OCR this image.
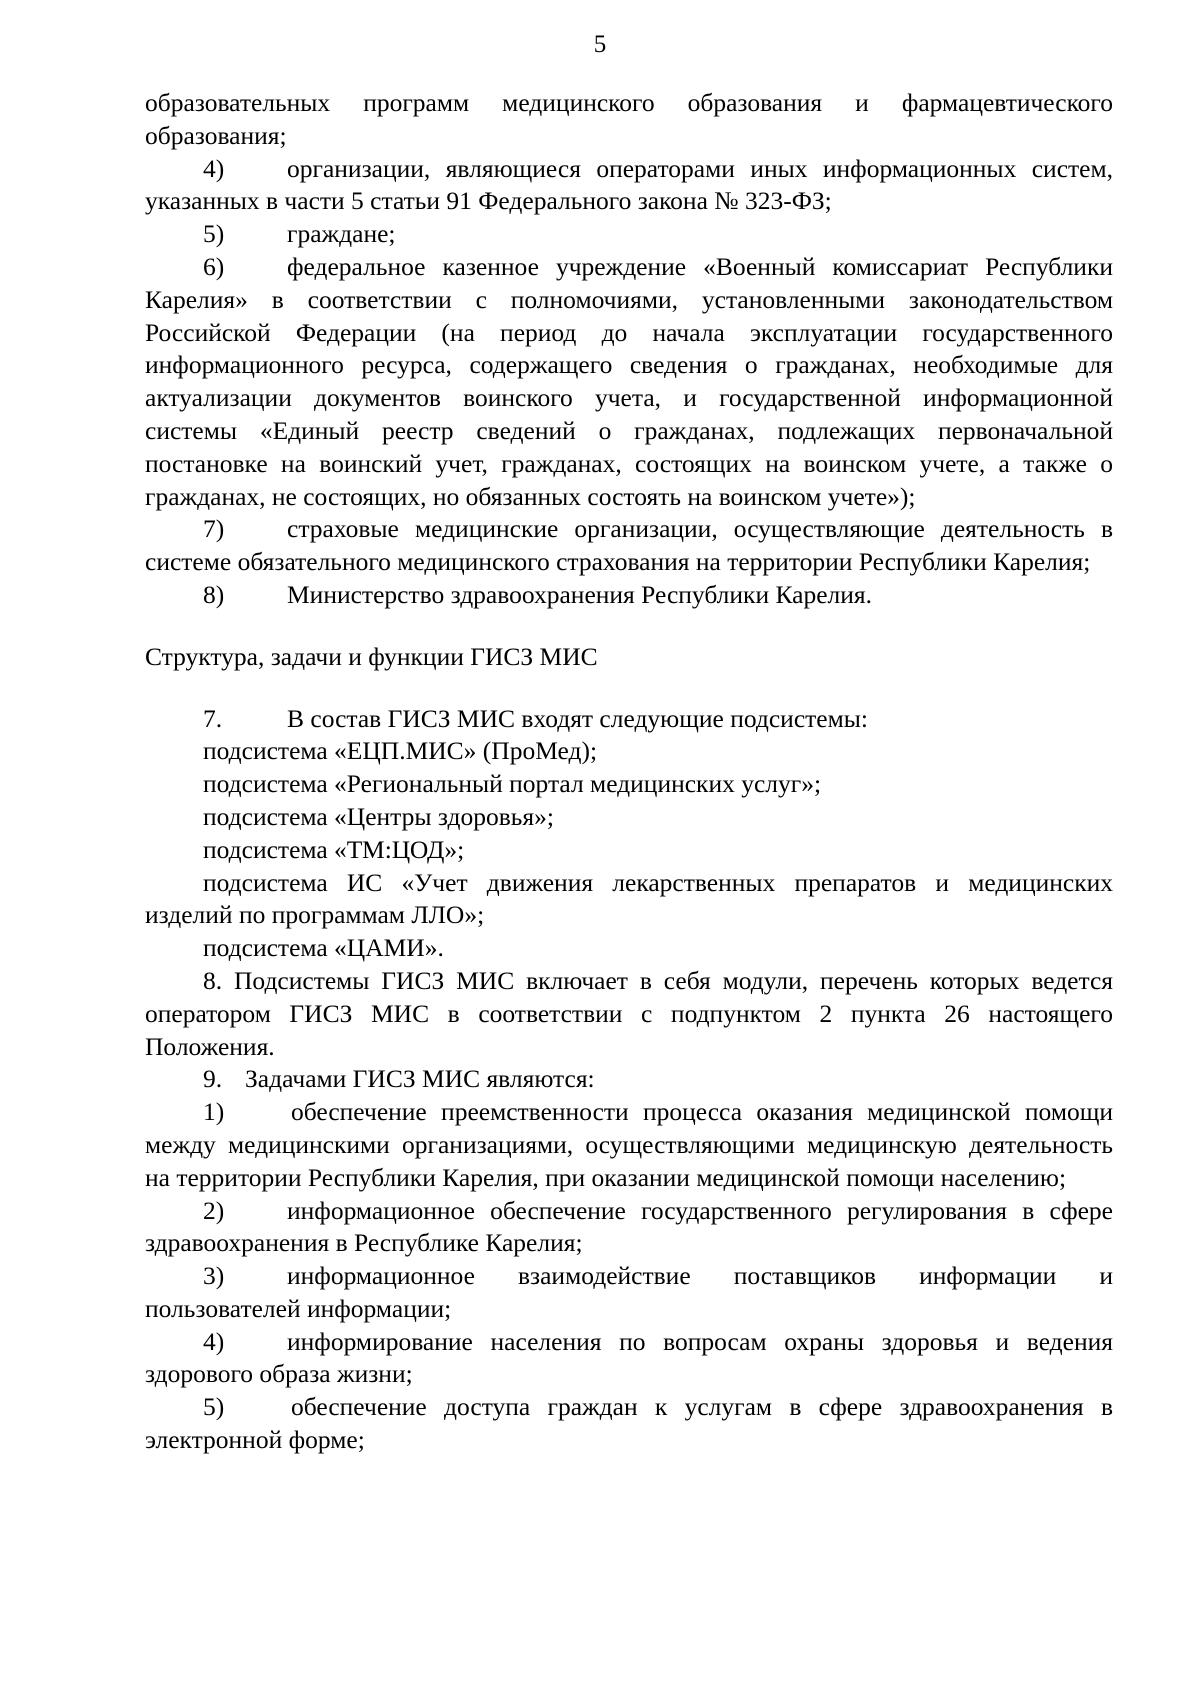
5

образовательных программ медицинского образования и фармацевтического образования;

4) организации, являющиеся операторами иных информационных систем, указанных в части 5 статьи 91 Федерального закона № 323-ФЗ;

5) граждане;

6) федеральное казенное учреждение «Военный комиссариат Республики Карелия» в соответствии с полномочиями, установленными законодательством Российской Федерации (на период до начала эксплуатации государственного информационного ресурса, содержащего сведения о гражданах, необходимые для актуализации документов воинского учета, и государственной информационной системы «Единый реестр сведений о гражданах, подлежащих первоначальной постановке на воинский учет, гражданах, состоящих на воинском учете, а также о гражданах, не состоящих, но обязанных состоять на воинском учете»);

7) страховые медицинские организации, осуществляющие деятельность в системе обязательного медицинского страхования на территории Республики Карелия;

8) Министерство здравоохранения Республики Карелия.

Структура, задачи и функции ГИСЗ МИС

7.	В состав ГИСЗ МИС входят следующие подсистемы:

подсистема «ЕЦП.МИС» (ПроМед);

подсистема «Региональный портал медицинских услуг»;

подсистема «Центры здоровья»;

подсистема «ТМ:ЦОД»;

подсистема ИС «Учет движения лекарственных препаратов и медицинских изделий по программам ЛЛО»;

подсистема «ЦАМИ».

8. Подсистемы ГИСЗ МИС включает в себя модули, перечень которых ведется оператором ГИСЗ МИС в соответствии с подпунктом 2 пункта 26 настоящего Положения.

9. Задачами ГИСЗ МИС являются:

1)	обеспечение преемственности процесса оказания медицинской помощи между медицинскими организациями, осуществляющими медицинскую деятельность на территории Республики Карелия, при оказании медицинской помощи населению;

2) информационное обеспечение государственного регулирования в сфере здравоохранения в Республике Карелия;

3) информационное взаимодействие поставщиков информации и пользователей информации;

4) информирование населения по вопросам охраны здоровья и ведения здорового образа жизни;

5)	обеспечение доступа граждан к услугам в сфере здравоохранения в электронной форме;
